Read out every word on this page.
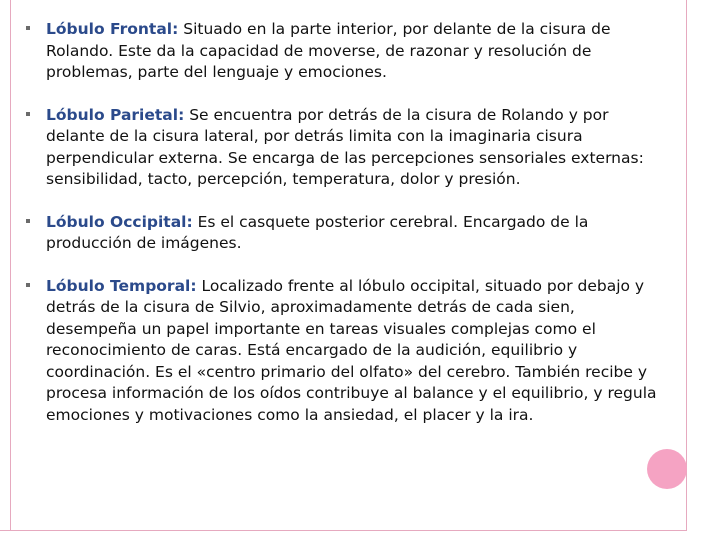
Lóbulo Frontal: Situado en la parte interior, por delante de la cisura de Rolando. Este da la capacidad de moverse, de razonar y resolución de problemas, parte del lenguaje y emociones.
Lóbulo Parietal: Se encuentra por detrás de la cisura de Rolando y por delante de la cisura lateral, por detrás limita con la imaginaria cisura perpendicular externa. Se encarga de las percepciones sensoriales externas: sensibilidad, tacto, percepción, temperatura, dolor y presión.
Lóbulo Occipital: Es el casquete posterior cerebral. Encargado de la producción de imágenes.
Lóbulo Temporal: Localizado frente al lóbulo occipital, situado por debajo y detrás de la cisura de Silvio, aproximadamente detrás de cada sien, desempeña un papel importante en tareas visuales complejas como el reconocimiento de caras. Está encargado de la audición, equilibrio y coordinación. Es el «centro primario del olfato» del cerebro. También recibe y procesa información de los oídos contribuye al balance y el equilibrio, y regula emociones y motivaciones como la ansiedad, el placer y la ira.
